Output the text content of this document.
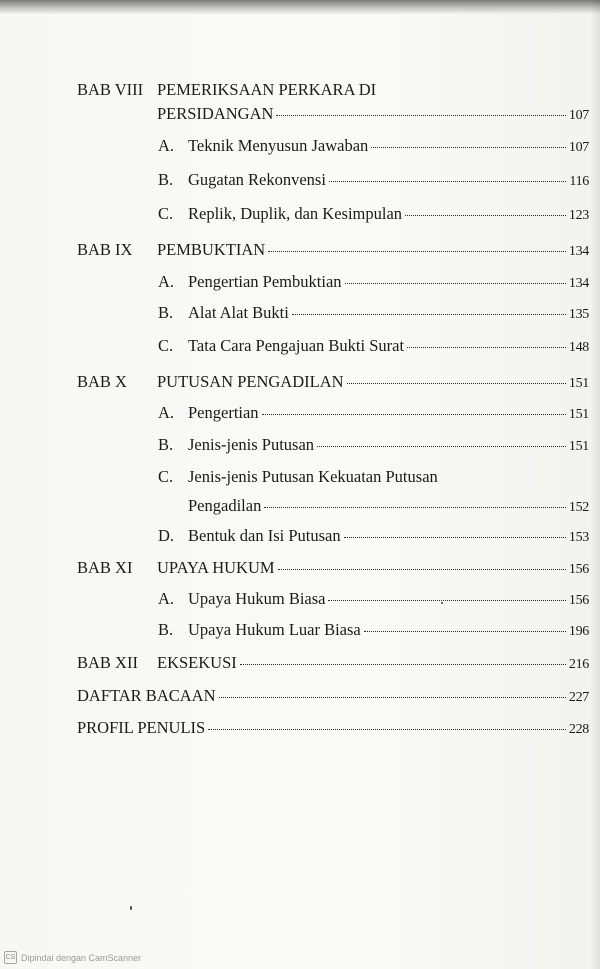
BAB VIII PEMERIKSAAN PERKARA DI
PERSIDANGAN	107
A. Teknik Menyusun Jawaban	107
B. Gugatan Rekonvensi	116
C. Replik, Duplik, dan Kesimpulan	123
BAB IX	PEMBUKTIAN	134
A. Pengertian Pembuktian	134
B. Alat Alat Bukti	135
C. Tata Cara Pengajuan Bukti Surat	148
BAB X	PUTUSAN PENGADILAN	151
A. Pengertian	151
B. Jenis-jenis Putusan	151
C. Jenis-jenis Putusan Kekuatan Putusan
Pengadilan	152
D. Bentuk dan Isi Putusan	153
BAB XI	UPAYA HUKUM	156
A. Upaya Hukum Biasa	156
B. Upaya Hukum Luar Biasa	196
BAB XII	EKSEKUSI	216
DAFTAR BACAAN	227
PROFIL PENULIS	228
CS Dipindai dengan CamScanner
